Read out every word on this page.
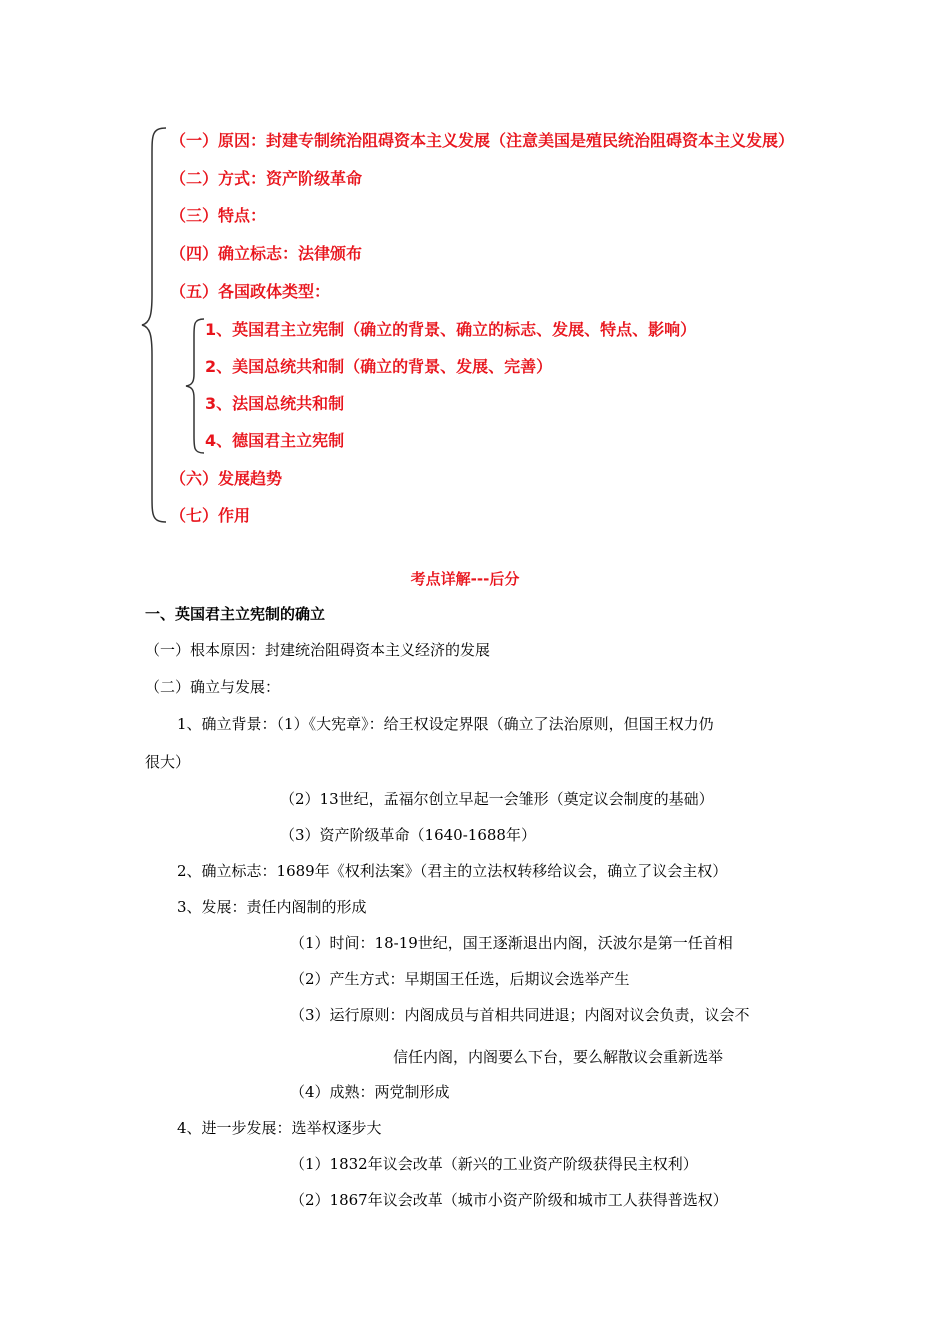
（一）原因：封建专制统治阻碍资本主义发展（注意美国是殖民统治阻碍资本主义发展）
（二）方式：资产阶级革命
（三）特点：
（四）确立标志：法律颁布
（五）各国政体类型：
1、英国君主立宪制（确立的背景、确立的标志、发展、特点、影响）
2、美国总统共和制（确立的背景、发展、完善）
3、法国总统共和制
4、德国君主立宪制
（六）发展趋势
（七）作用
考点详解---后分
一、英国君主立宪制的确立
（一）根本原因：封建统治阻碍资本主义经济的发展
（二）确立与发展：
1、确立背景：（1）《大宪章》：给王权设定界限（确立了法治原则，但国王权力仍
很大）
（2）13世纪，孟福尔创立早起一会雏形（奠定议会制度的基础）
（3）资产阶级革命（1640-1688年）
2、确立标志：1689年《权利法案》（君主的立法权转移给议会，确立了议会主权）
3、发展：责任内阁制的形成
（1）时间：18-19世纪，国王逐渐退出内阁，沃波尔是第一任首相
（2）产生方式：早期国王任选，后期议会选举产生
（3）运行原则：内阁成员与首相共同进退；内阁对议会负责，议会不
信任内阁，内阁要么下台，要么解散议会重新选举
（4）成熟：两党制形成
4、进一步发展：选举权逐步大
（1）1832年议会改革（新兴的工业资产阶级获得民主权利）
（2）1867年议会改革（城市小资产阶级和城市工人获得普选权）
